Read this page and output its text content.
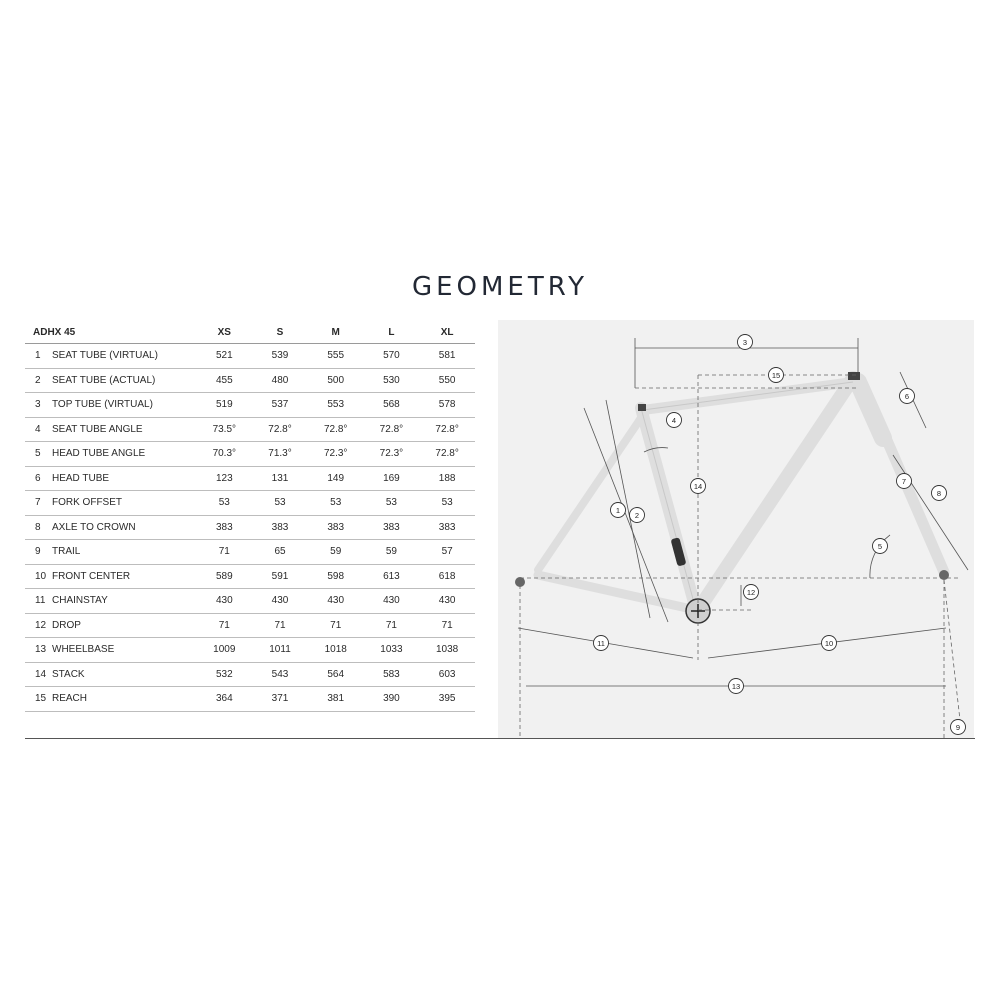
GEOMETRY
ADHX 45	XS	S	M	L	XL
1 SEAT TUBE (VIRTUAL)	521	539	555	570	581
2 SEAT TUBE (ACTUAL)	455	480	500	530	550
3 TOP TUBE (VIRTUAL)	519	537	553	568	578
4 SEAT TUBE ANGLE	73.5°	72.8°	72.8°	72.8°	72.8°
5 HEAD TUBE ANGLE	70.3°	71.3°	72.3°	72.3°	72.8°
6 HEAD TUBE	123	131	149	169	188
7 FORK OFFSET	53	53	53	53	53
8 AXLE TO CROWN	383	383	383	383	383
9 TRAIL	71	65	59	59	57
10 FRONT CENTER	589	591	598	613	618
11 CHAINSTAY	430	430	430	430	430
12 DROP	71	71	71	71	71
13 WHEELBASE	1009	1011	1018	1033	1038
14 STACK	532	543	564	583	603
15 REACH	364	371	381	390	395
1
2
3
4
5
6
7
8
9
10
11
12
13
14
15
